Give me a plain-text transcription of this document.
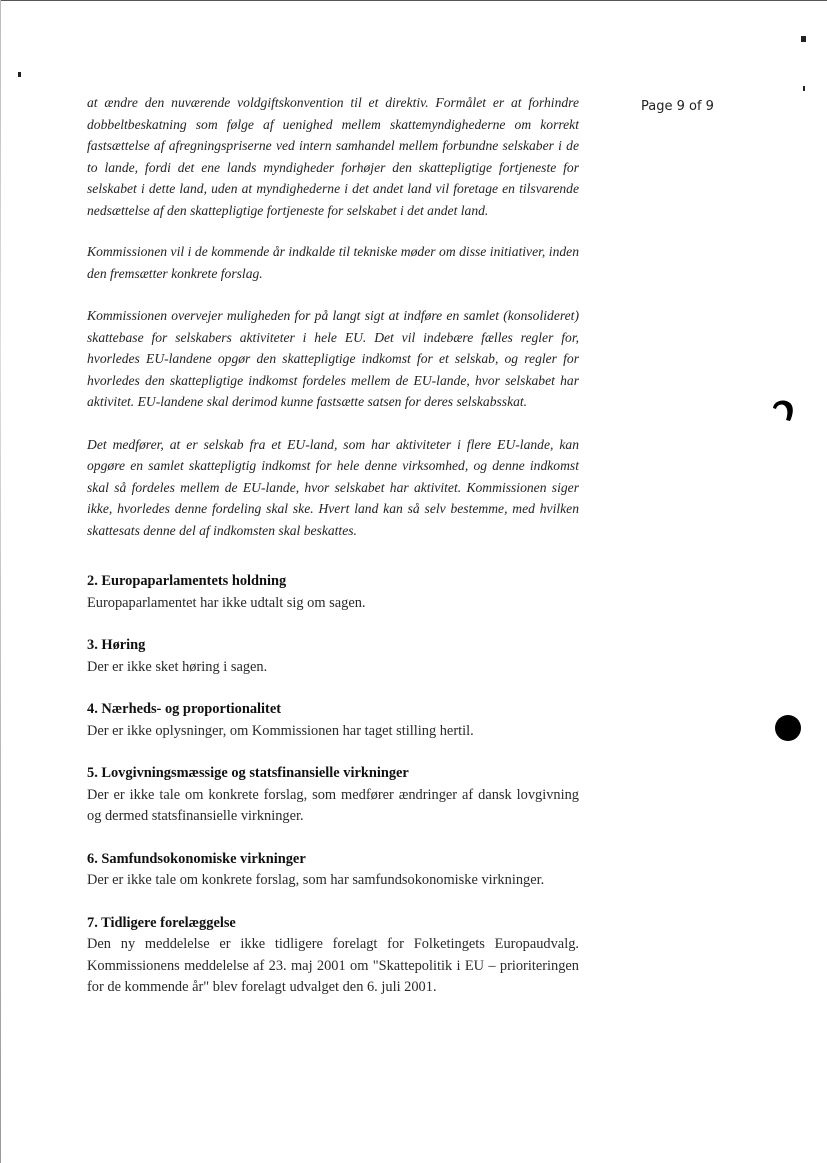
Page 9 of 9

at ændre den nuværende voldgiftskonvention til et direktiv. Formålet er at forhindre dobbeltbeskatning som følge af uenighed mellem skattemyndighederne om korrekt fastsættelse af afregningspriserne ved intern samhandel mellem forbundne selskaber i de to lande, fordi det ene lands myndigheder forhøjer den skattepligtige fortjeneste for selskabet i dette land, uden at myndighederne i det andet land vil foretage en tilsvarende nedsættelse af den skattepligtige fortjeneste for selskabet i det andet land.

Kommissionen vil i de kommende år indkalde til tekniske møder om disse initiativer, inden den fremsætter konkrete forslag.

Kommissionen overvejer muligheden for på langt sigt at indføre en samlet (konsolideret) skattebase for selskabers aktiviteter i hele EU. Det vil indebære fælles regler for, hvorledes EU-landene opgør den skattepligtige indkomst for et selskab, og regler for hvorledes den skattepligtige indkomst fordeles mellem de EU-lande, hvor selskabet har aktivitet. EU-landene skal derimod kunne fastsætte satsen for deres selskabsskat.

Det medfører, at er selskab fra et EU-land, som har aktiviteter i flere EU-lande, kan opgøre en samlet skattepligtig indkomst for hele denne virksomhed, og denne indkomst skal så fordeles mellem de EU-lande, hvor selskabet har aktivitet. Kommissionen siger ikke, hvorledes denne fordeling skal ske. Hvert land kan så selv bestemme, med hvilken skattesats denne del af indkomsten skal beskattes.

2. Europaparlamentets holdning

Europaparlamentet har ikke udtalt sig om sagen.

3. Høring

Der er ikke sket høring i sagen.

4. Nærheds- og proportionalitet

Der er ikke oplysninger, om Kommissionen har taget stilling hertil.

5. Lovgivningsmæssige og statsfinansielle virkninger

Der er ikke tale om konkrete forslag, som medfører ændringer af dansk lovgivning og dermed statsfinansielle virkninger.

6. Samfundsokonomiske virkninger

Der er ikke tale om konkrete forslag, som har samfundsokonomiske virkninger.

7. Tidligere forelæggelse

Den ny meddelelse er ikke tidligere forelagt for Folketingets Europaudvalg. Kommissionens meddelelse af 23. maj 2001 om "Skattepolitik i EU – prioriteringen for de kommende år" blev forelagt udvalget den 6. juli 2001.
